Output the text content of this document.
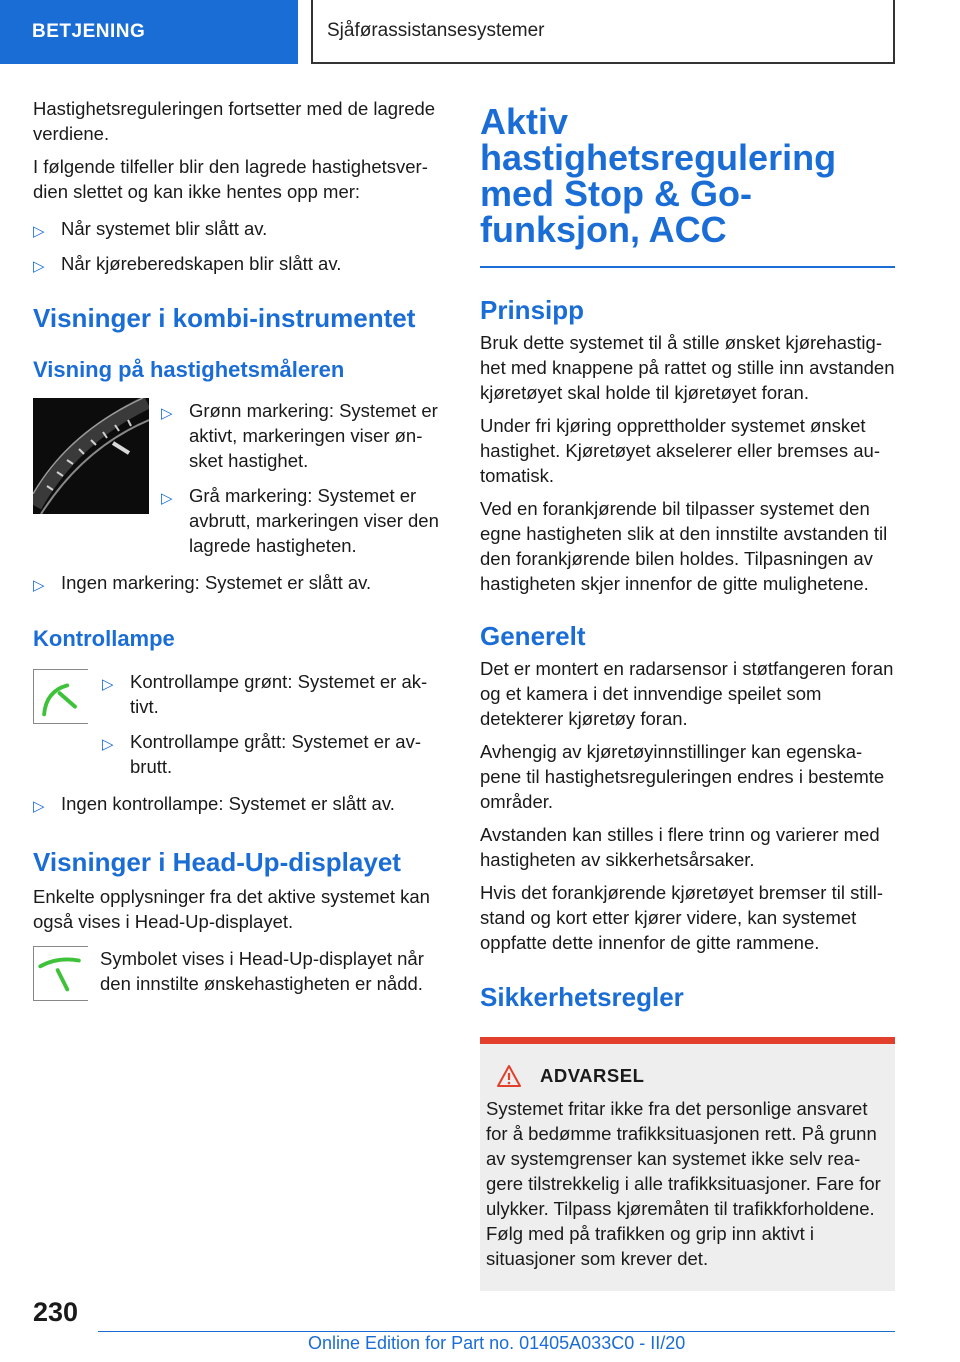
BETJENING	Sjåførassistansesystemer

Hastighetsreguleringen fortsetter med de lagrede verdiene.

I følgende tilfeller blir den lagrede hastighetsverdien slettet og kan ikke hentes opp mer:

▷ Når systemet blir slått av.
▷ Når kjøreberedskapen blir slått av.
Visninger i kombi-instrumentet
Visning på hastighetsmåleren
▷ Grønn markering: Systemet er aktivt, markeringen viser ønsket hastighet.
▷ Grå markering: Systemet er avbrutt, markeringen viser den lagrede hastigheten.
▷ Ingen markering: Systemet er slått av.
Kontrollampe
▷ Kontrollampe grønt: Systemet er aktivt.
▷ Kontrollampe grått: Systemet er avbrutt.
▷ Ingen kontrollampe: Systemet er slått av.
Visninger i Head-Up-displayet

Enkelte opplysninger fra det aktive systemet kan også vises i Head-Up-displayet.

Symbolet vises i Head-Up-displayet når den innstilte ønskehastigheten er nådd.

Aktiv hastighetsregulering med Stop & Go-funksjon, ACC
Prinsipp

Bruk dette systemet til å stille ønsket kjørehastighet med knappene på rattet og stille inn avstanden kjøretøyet skal holde til kjøretøyet foran.

Under fri kjøring opprettholder systemet ønsket hastighet. Kjøretøyet akselerer eller bremses automatisk.

Ved en forankjørende bil tilpasser systemet den egne hastigheten slik at den innstilte avstanden til den forankjørende bilen holdes. Tilpasningen av hastigheten skjer innenfor de gitte mulighetene.

Generelt

Det er montert en radarsensor i støtfangeren foran og et kamera i det innvendige speilet som detekterer kjøretøy foran.

Avhengig av kjøretøyinnstillinger kan egenskapene til hastighetsreguleringen endres i bestemte områder.

Avstanden kan stilles i flere trinn og varierer med hastigheten av sikkerhetsårsaker.

Hvis det forankjørende kjøretøyet bremser til stillstand og kort etter kjører videre, kan systemet oppfatte dette innenfor de gitte rammene.

Sikkerhetsregler
ADVARSEL

Systemet fritar ikke fra det personlige ansvaret for å bedømme trafikksituasjonen rett. På grunn av systemgrenser kan systemet ikke selv reagere tilstrekkelig i alle trafikksituasjoner. Fare for ulykker. Tilpass kjøremåten til trafikkforholdene. Følg med på trafikken og grip inn aktivt i situasjoner som krever det.

230
Online Edition for Part no. 01405A033C0 - II/20
